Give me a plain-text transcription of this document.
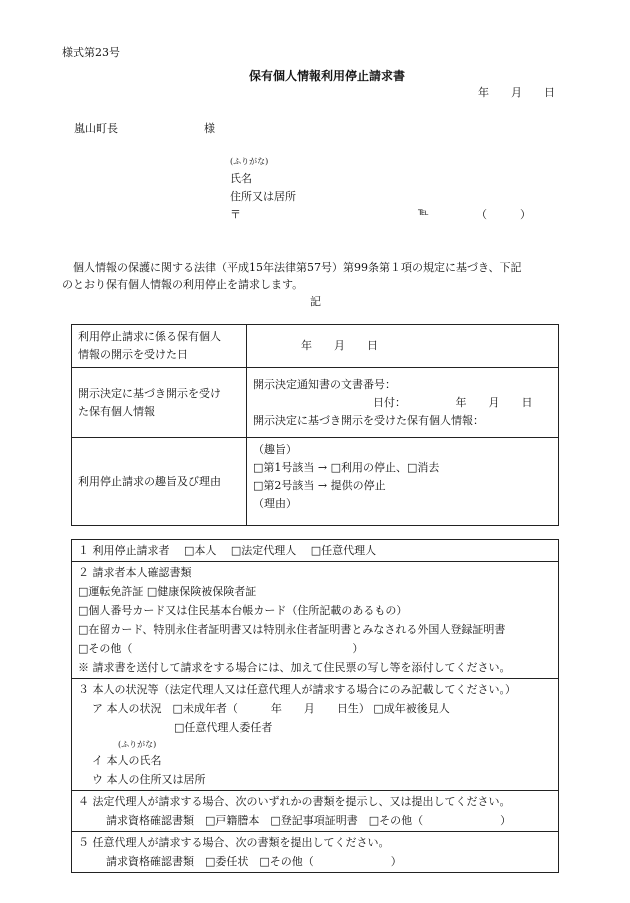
様式第23号
保有個人情報利用停止請求書
年　　月　　日
嵐山町長	様
(ふりがな)
氏名
住所又は居所
〒	℡	（　　　）
　個人情報の保護に関する法律（平成15年法律第57号）第99条第１項の規定に基づき、下記
のとおり保有個人情報の利用停止を請求します。
記
利用停止請求に係る保有個人
情報の開示を受けた日	年　　月　　日

開示決定に基づき開示を受け
た保有個人情報	開示決定通知書の文書番号：
日付：　　　　　年　　月　　日
開示決定に基づき開示を受けた保有個人情報：

利用停止請求の趣旨及び理由	（趣旨）
□第1号該当 → □利用の停止、□消去
□第2号該当 → 提供の停止
（理由）
１ 利用停止請求者　 □本人　 □法定代理人　 □任意代理人

２ 請求者本人確認書類
□運転免許証 □健康保険被保険者証
□個人番号カード又は住民基本台帳カード（住所記載のあるもの）
□在留カード、特別永住者証明書又は特別永住者証明書とみなされる外国人登録証明書
□その他（　　　　　　　　　　　　　　　　　　　　）
※ 請求書を送付して請求をする場合には、加えて住民票の写し等を添付してください。

３ 本人の状況等（法定代理人又は任意代理人が請求する場合にのみ記載してください。）
ア 本人の状況　□未成年者（　　　年　　月　　日生） □成年被後見人
□任意代理人委任者
(ふりがな)
イ 本人の氏名
ウ 本人の住所又は居所

４ 法定代理人が請求する場合、次のいずれかの書類を提示し、又は提出してください。
請求資格確認書類　□戸籍謄本　□登記事項証明書　□その他（　　　　　　　）

５ 任意代理人が請求する場合、次の書類を提出してください。
請求資格確認書類　□委任状　□その他（　　　　　　　）
